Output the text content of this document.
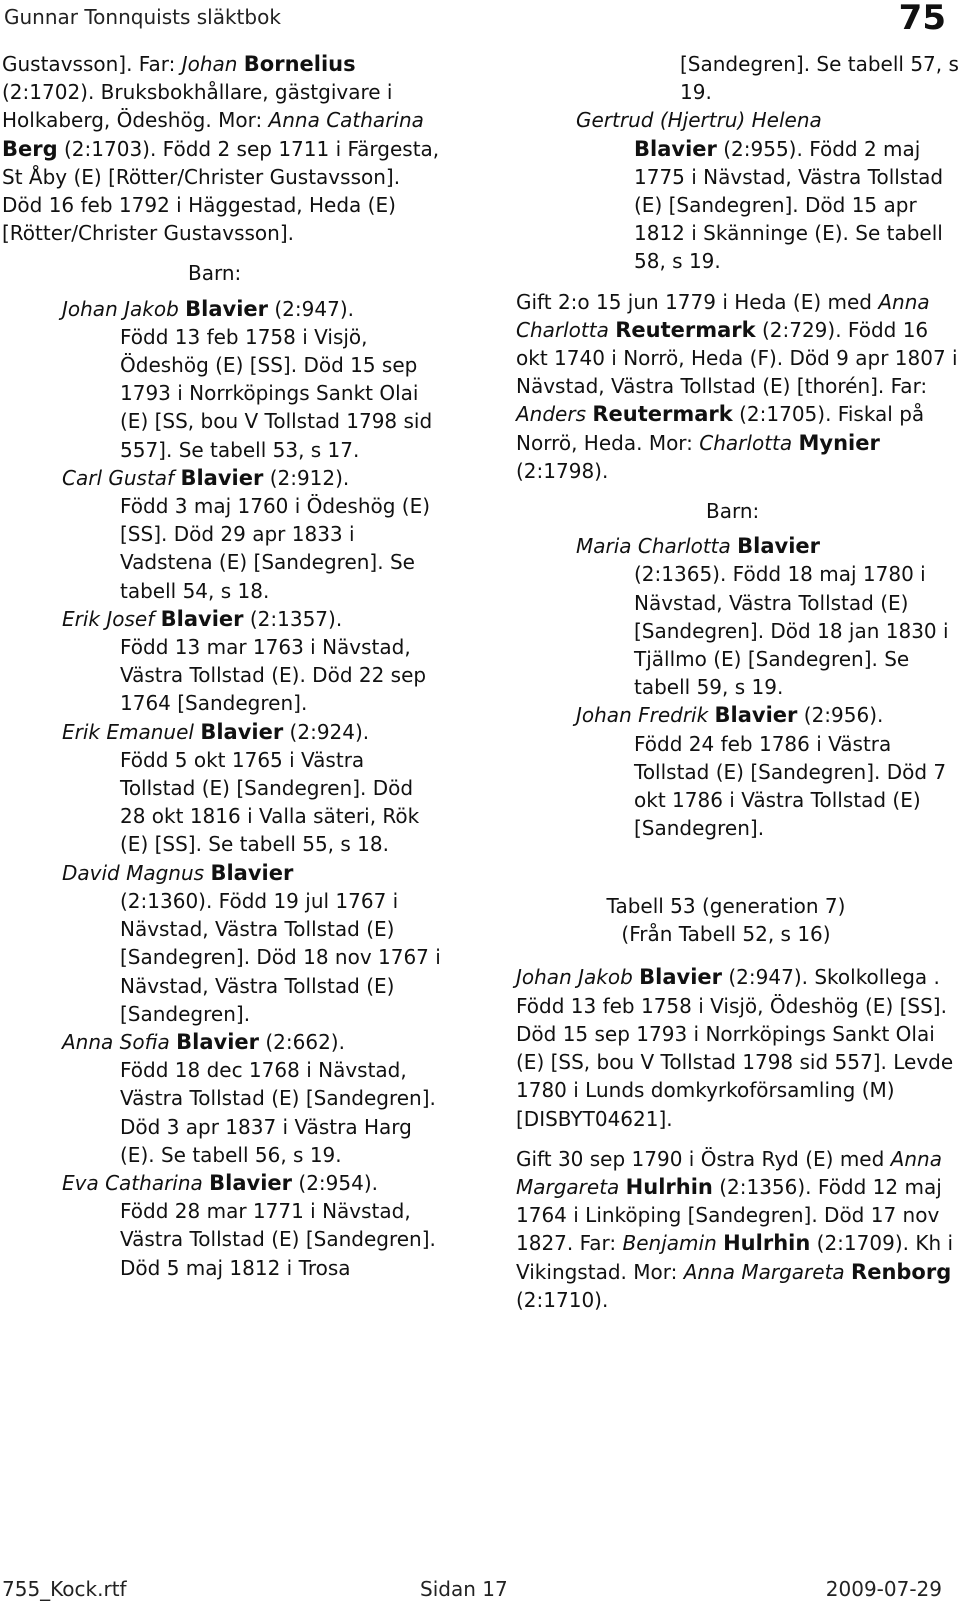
Gunnar Tonnquists släktbok	75

Gustavsson]. Far: Johan Bornelius (2:1702). Bruksbokhållare, gästgivare i Holkaberg, Ödeshög. Mor: Anna Catharina Berg (2:1703). Född 2 sep 1711 i Färgesta, St Åby (E) [Rötter/Christer Gustavsson]. Död 16 feb 1792 i Häggestad, Heda (E) [Rötter/Christer Gustavsson].

Barn:
Johan Jakob Blavier (2:947).
Född 13 feb 1758 i Visjö, Ödeshög (E) [SS]. Död 15 sep 1793 i Norrköpings Sankt Olai (E) [SS, bou V Tollstad 1798 sid 557]. Se tabell 53, s 17.
Carl Gustaf Blavier (2:912).
Född 3 maj 1760 i Ödeshög (E) [SS]. Död 29 apr 1833 i Vadstena (E) [Sandegren]. Se tabell 54, s 18.
Erik Josef Blavier (2:1357).
Född 13 mar 1763 i Nävstad, Västra Tollstad (E). Död 22 sep 1764 [Sandegren].
Erik Emanuel Blavier (2:924).
Född 5 okt 1765 i Västra Tollstad (E) [Sandegren]. Död 28 okt 1816 i Valla säteri, Rök (E) [SS]. Se tabell 55, s 18.
David Magnus Blavier
(2:1360). Född 19 jul 1767 i Nävstad, Västra Tollstad (E) [Sandegren]. Död 18 nov 1767 i Nävstad, Västra Tollstad (E) [Sandegren].
Anna Sofia Blavier (2:662).
Född 18 dec 1768 i Nävstad, Västra Tollstad (E) [Sandegren]. Död 3 apr 1837 i Västra Harg (E). Se tabell 56, s 19.
Eva Catharina Blavier (2:954).
Född 28 mar 1771 i Nävstad, Västra Tollstad (E) [Sandegren]. Död 5 maj 1812 i Trosa
[Sandegren]. Se tabell 57, s 19.
Gertrud (Hjertru) Helena
Blavier (2:955). Född 2 maj 1775 i Nävstad, Västra Tollstad (E) [Sandegren]. Död 15 apr 1812 i Skänninge (E). Se tabell 58, s 19.

Gift 2:o 15 jun 1779 i Heda (E) med Anna Charlotta Reutermark (2:729). Född 16 okt 1740 i Norrö, Heda (F). Död 9 apr 1807 i Nävstad, Västra Tollstad (E) [thorén]. Far: Anders Reutermark (2:1705). Fiskal på Norrö, Heda. Mor: Charlotta Mynier (2:1798).

Barn:
Maria Charlotta Blavier
(2:1365). Född 18 maj 1780 i Nävstad, Västra Tollstad (E) [Sandegren]. Död 18 jan 1830 i Tjällmo (E) [Sandegren]. Se tabell 59, s 19.
Johan Fredrik Blavier (2:956).
Född 24 feb 1786 i Västra Tollstad (E) [Sandegren]. Död 7 okt 1786 i Västra Tollstad (E) [Sandegren].
Tabell 53 (generation 7)
(Från Tabell 52, s 16)

Johan Jakob Blavier (2:947). Skolkollega . Född 13 feb 1758 i Visjö, Ödeshög (E) [SS]. Död 15 sep 1793 i Norrköpings Sankt Olai (E) [SS, bou V Tollstad 1798 sid 557]. Levde 1780 i Lunds domkyrkoförsamling (M) [DISBYT04621].

Gift 30 sep 1790 i Östra Ryd (E) med Anna Margareta Hulrhin (2:1356). Född 12 maj 1764 i Linköping [Sandegren]. Död 17 nov 1827. Far: Benjamin Hulrhin (2:1709). Kh i Vikingstad. Mor: Anna Margareta Renborg (2:1710).

755_Kock.rtf	Sidan 17	2009-07-29
